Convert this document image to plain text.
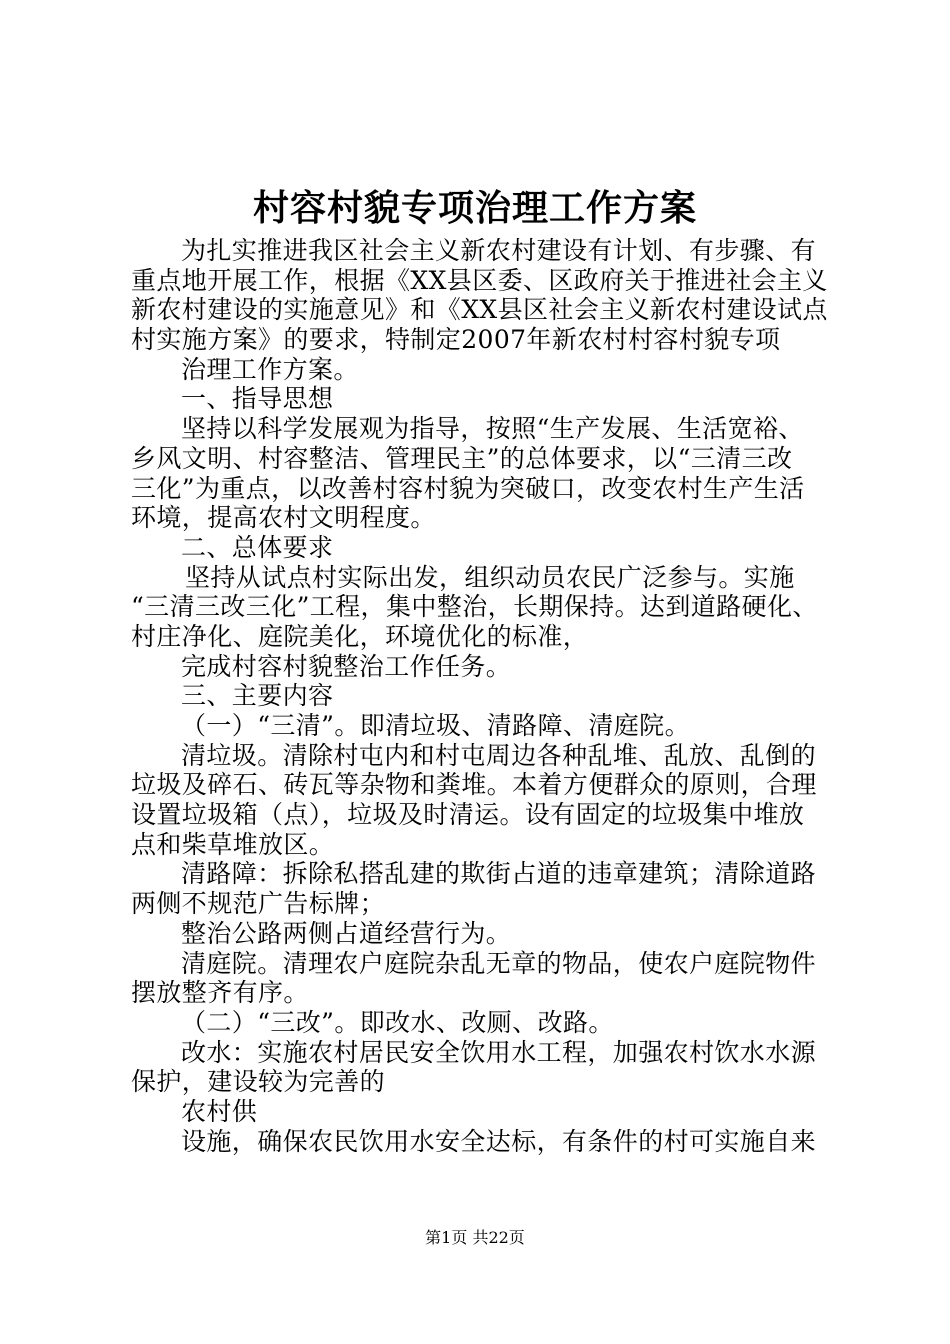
村容村貌专项治理工作方案
为扎实推进我区社会主义新农村建设有计划、有步骤、有
重点地开展工作，根据《XX县区委、区政府关于推进社会主义
新农村建设的实施意见》和《XX县区社会主义新农村建设试点
村实施方案》的要求，特制定2007年新农村村容村貌专项
治理工作方案。
一、指导思想
坚持以科学发展观为指导，按照“生产发展、生活宽裕、
乡风文明、村容整洁、管理民主”的总体要求，以“三清三改
三化”为重点，以改善村容村貌为突破口，改变农村生产生活
环境，提高农村文明程度。
二、总体要求
坚持从试点村实际出发，组织动员农民广泛参与。实施
“三清三改三化”工程，集中整治，长期保持。达到道路硬化、
村庄净化、庭院美化，环境优化的标准，
完成村容村貌整治工作任务。
三、主要内容
（一）“三清”。即清垃圾、清路障、清庭院。
清垃圾。清除村屯内和村屯周边各种乱堆、乱放、乱倒的
垃圾及碎石、砖瓦等杂物和粪堆。本着方便群众的原则，合理
设置垃圾箱（点），垃圾及时清运。设有固定的垃圾集中堆放
点和柴草堆放区。
清路障：拆除私搭乱建的欺街占道的违章建筑；清除道路
两侧不规范广告标牌；
整治公路两侧占道经营行为。
清庭院。清理农户庭院杂乱无章的物品，使农户庭院物件
摆放整齐有序。
（二）“三改”。即改水、改厕、改路。
改水：实施农村居民安全饮用水工程，加强农村饮水水源
保护，建设较为完善的
农村供
设施，确保农民饮用水安全达标，有条件的村可实施自来
第1页 共22页
